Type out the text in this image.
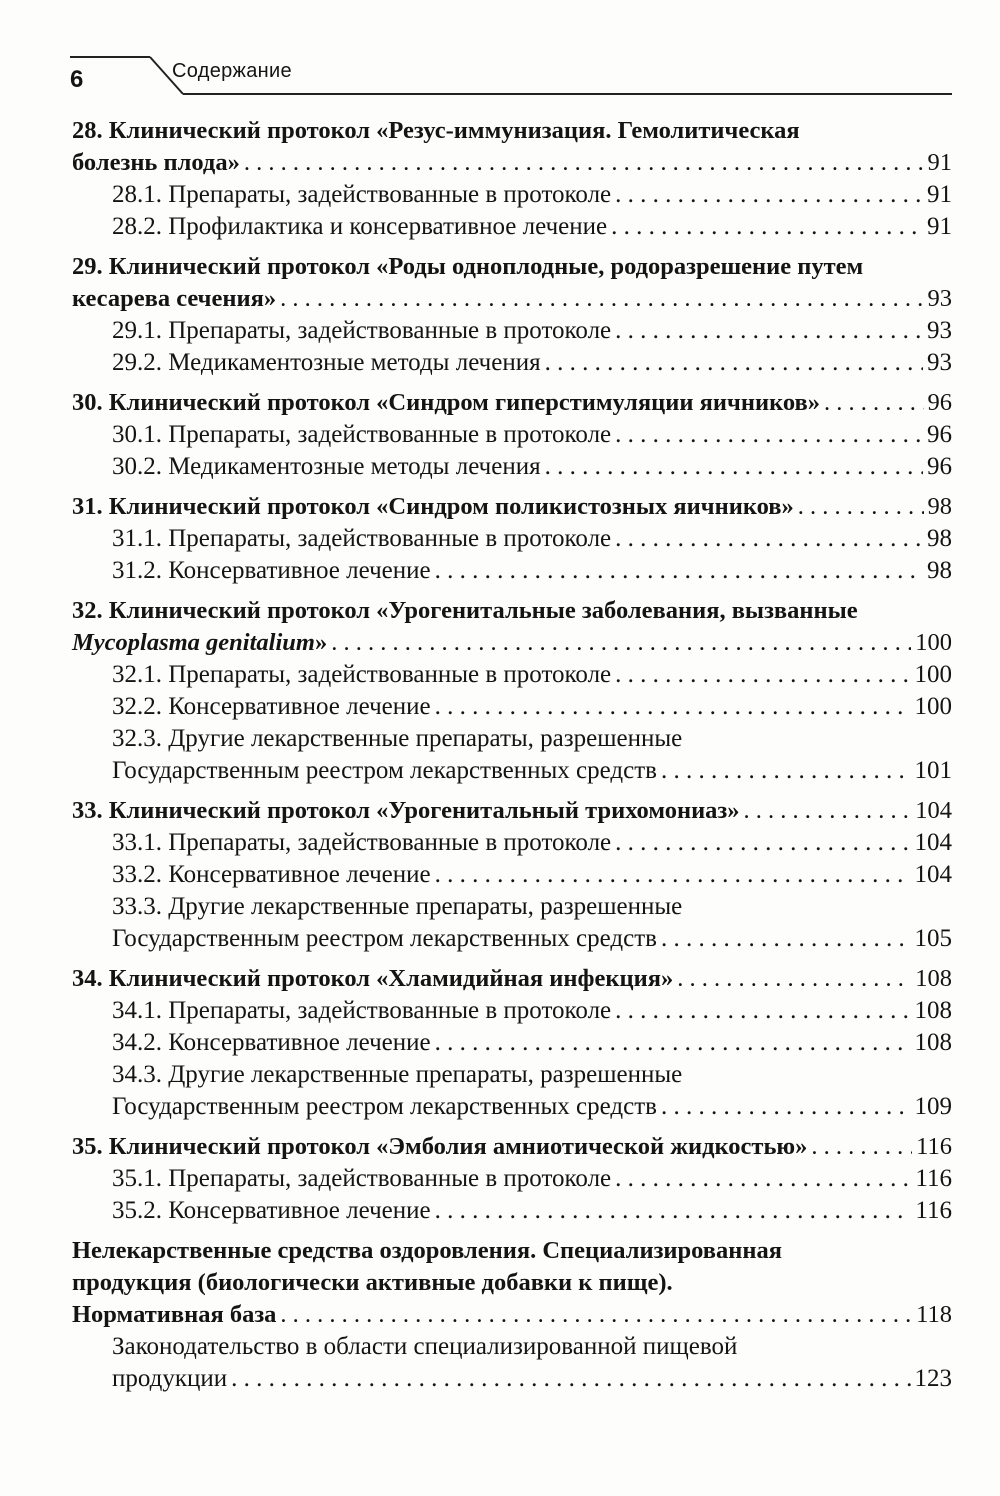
6	Содержание
28. Клинический протокол «Резус-иммунизация. Гемолитическая
болезнь плода» . . .	91
28.1. Препараты, задействованные в протоколе . . .	91
28.2. Профилактика и консервативное лечение . . .	91
29. Клинический протокол «Роды одноплодные, родоразрешение путем
кесарева сечения» . . .	93
29.1. Препараты, задействованные в протоколе . . .	93
29.2. Медикаментозные методы лечения . . .	93
30. Клинический протокол «Синдром гиперстимуляции яичников» . . .	96
30.1. Препараты, задействованные в протоколе . . .	96
30.2. Медикаментозные методы лечения . . .	96
31. Клинический протокол «Синдром поликистозных яичников» . . .	98
31.1. Препараты, задействованные в протоколе . . .	98
31.2. Консервативное лечение . . .	98
32. Клинический протокол «Урогенитальные заболевания, вызванные
Mycoplasma genitalium» . . .	100
32.1. Препараты, задействованные в протоколе . . .	100
32.2. Консервативное лечение . . .	100
32.3. Другие лекарственные препараты, разрешенные
Государственным реестром лекарственных средств . . .	101
33. Клинический протокол «Урогенитальный трихомониаз» . . .	104
33.1. Препараты, задействованные в протоколе . . .	104
33.2. Консервативное лечение . . .	104
33.3. Другие лекарственные препараты, разрешенные
Государственным реестром лекарственных средств . . .	105
34. Клинический протокол «Хламидийная инфекция» . . .	108
34.1. Препараты, задействованные в протоколе . . .	108
34.2. Консервативное лечение . . .	108
34.3. Другие лекарственные препараты, разрешенные
Государственным реестром лекарственных средств . . .	109
35. Клинический протокол «Эмболия амниотической жидкостью» . . .	116
35.1. Препараты, задействованные в протоколе . . .	116
35.2. Консервативное лечение . . .	116
Нелекарственные средства оздоровления. Специализированная
продукция (биологически активные добавки к пище).
Нормативная база . . .	118
Законодательство в области специализированной пищевой
продукции . . .	123
